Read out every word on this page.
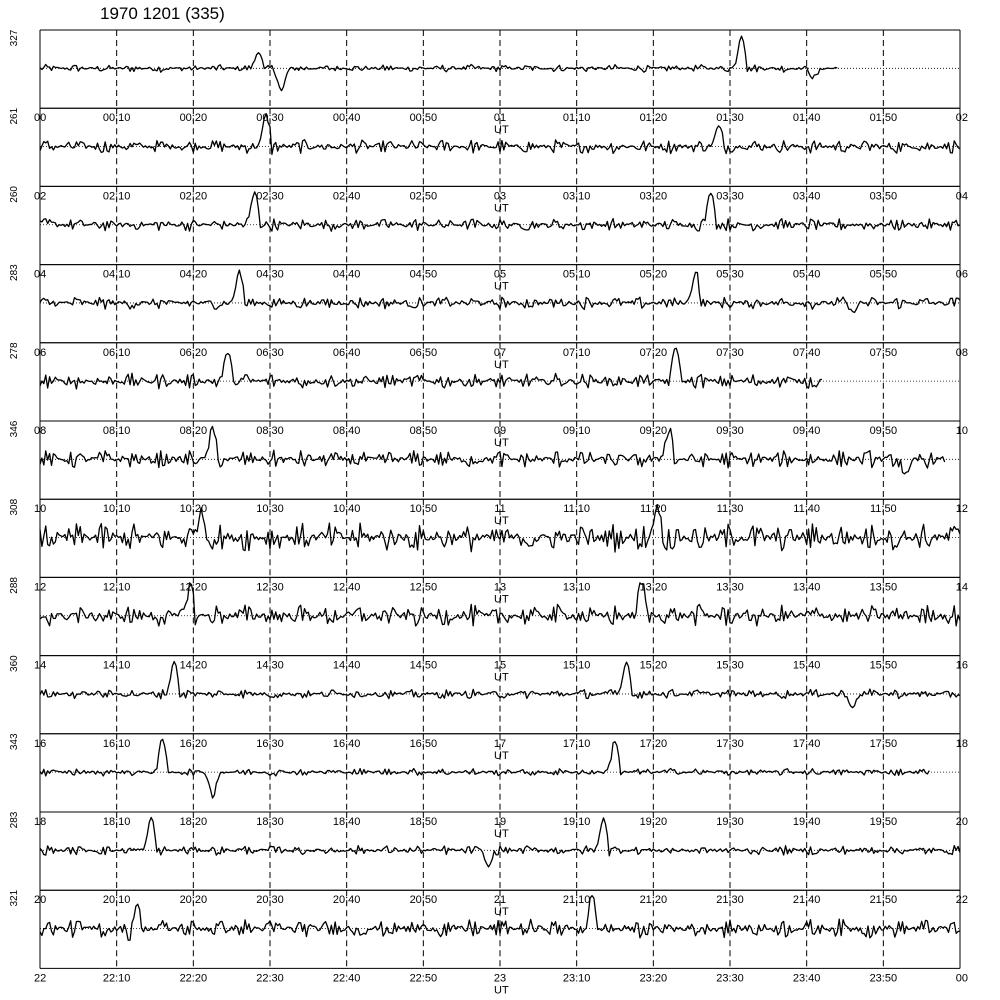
1970 1201 (335)
00	00:10	00:20	00:30	00:40	00:50	01	01:10	01:20	01:30	01:40	01:50	02
UT
327
02	02:10	02:20	02:30	02:40	02:50	03	03:10	03:20	03:30	03:40	03:50	04
UT
261
04	04:10	04:20	04:30	04:40	04:50	05	05:10	05:20	05:30	05:40	05:50	06
UT
260
06	06:10	06:20	06:30	06:40	06:50	07	07:10	07:20	07:30	07:40	07:50	08
UT
283
08	08:10	08:20	08:30	08:40	08:50	09	09:10	09:20	09:30	09:40	09:50	10
UT
278
10	10:10	10:20	10:30	10:40	10:50	11	11:10	11:20	11:30	11:40	11:50	12
UT
346
12	12:10	12:20	12:30	12:40	12:50	13	13:10	13:20	13:30	13:40	13:50	14
UT
308
14	14:10	14:20	14:30	14:40	14:50	15	15:10	15:20	15:30	15:40	15:50	16
UT
288
16	16:10	16:20	16:30	16:40	16:50	17	17:10	17:20	17:30	17:40	17:50	18
UT
360
18	18:10	18:20	18:30	18:40	18:50	19	19:10	19:20	19:30	19:40	19:50	20
UT
343
20	20:10	20:20	20:30	20:40	20:50	21	21:10	21:20	21:30	21:40	21:50	22
UT
283
22	22:10	22:20	22:30	22:40	22:50	23	23:10	23:20	23:30	23:40	23:50	00
UT
321
